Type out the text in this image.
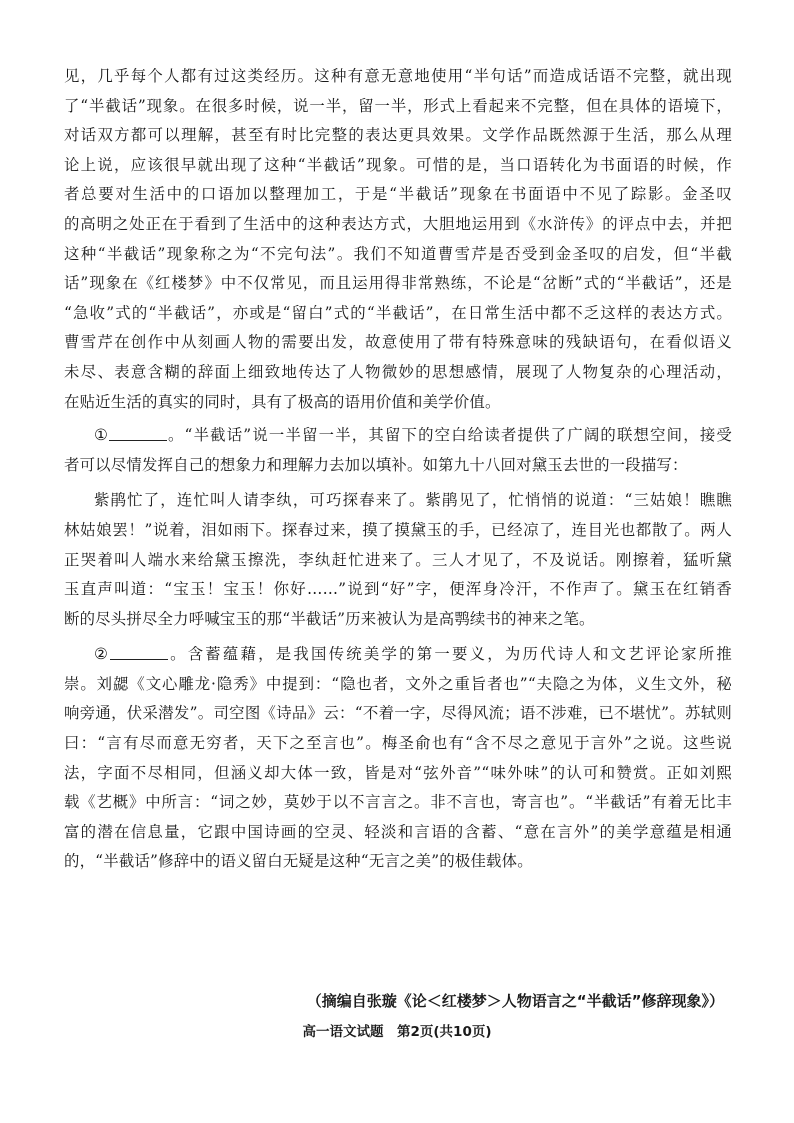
见，几乎每个人都有过这类经历。这种有意无意地使用“半句话”而造成话语不完整，就出现
了“半截话”现象。在很多时候，说一半，留一半，形式上看起来不完整，但在具体的语境下，
对话双方都可以理解，甚至有时比完整的表达更具效果。文学作品既然源于生活，那么从理
论上说，应该很早就出现了这种“半截话”现象。可惜的是，当口语转化为书面语的时候，作
者总要对生活中的口语加以整理加工，于是“半截话”现象在书面语中不见了踪影。金圣叹
的高明之处正在于看到了生活中的这种表达方式，大胆地运用到《水浒传》的评点中去，并把
这种“半截话”现象称之为“不完句法”。我们不知道曹雪芹是否受到金圣叹的启发，但“半截
话”现象在《红楼梦》中不仅常见，而且运用得非常熟练，不论是“岔断”式的“半截话”，还是
“急收”式的“半截话”，亦或是“留白”式的“半截话”，在日常生活中都不乏这样的表达方式。
曹雪芹在创作中从刻画人物的需要出发，故意使用了带有特殊意味的残缺语句，在看似语义
未尽、表意含糊的辞面上细致地传达了人物微妙的思想感情，展现了人物复杂的心理活动，
在贴近生活的真实的同时，具有了极高的语用价值和美学价值。
①	。“半截话”说一半留一半，其留下的空白给读者提供了广阔的联想空间，接受
者可以尽情发挥自己的想象力和理解力去加以填补。如第九十八回对黛玉去世的一段描写：
紫鹃忙了，连忙叫人请李纨，可巧探春来了。紫鹃见了，忙悄悄的说道：“三姑娘！瞧瞧
林姑娘罢！”说着，泪如雨下。探春过来，摸了摸黛玉的手，已经凉了，连目光也都散了。两人
正哭着叫人端水来给黛玉擦洗，李纨赶忙进来了。三人才见了，不及说话。刚擦着，猛听黛
玉直声叫道：“宝玉！宝玉！你好……”说到“好”字，便浑身冷汗，不作声了。黛玉在红销香
断的尽头拼尽全力呼喊宝玉的那“半截话”历来被认为是高鹗续书的神来之笔。
②	。含蓄蕴藉，是我国传统美学的第一要义，为历代诗人和文艺评论家所推
崇。刘勰《文心雕龙·隐秀》中提到：“隐也者，文外之重旨者也”“夫隐之为体，义生文外，秘
响旁通，伏采潜发”。司空图《诗品》云：“不着一字，尽得风流；语不涉难，已不堪忧”。苏轼则
曰：“言有尽而意无穷者，天下之至言也”。梅圣俞也有“含不尽之意见于言外”之说。这些说
法，字面不尽相同，但涵义却大体一致，皆是对“弦外音”“味外味”的认可和赞赏。正如刘熙
载《艺概》中所言：“词之妙，莫妙于以不言言之。非不言也，寄言也”。“半截话”有着无比丰
富的潜在信息量，它跟中国诗画的空灵、轻淡和言语的含蓄、“意在言外”的美学意蕴是相通
的，“半截话”修辞中的语义留白无疑是这种“无言之美”的极佳载体。
（摘编自张璇《论＜红楼梦＞人物语言之“半截话”修辞现象》）
高一语文试题　第2页(共10页)
